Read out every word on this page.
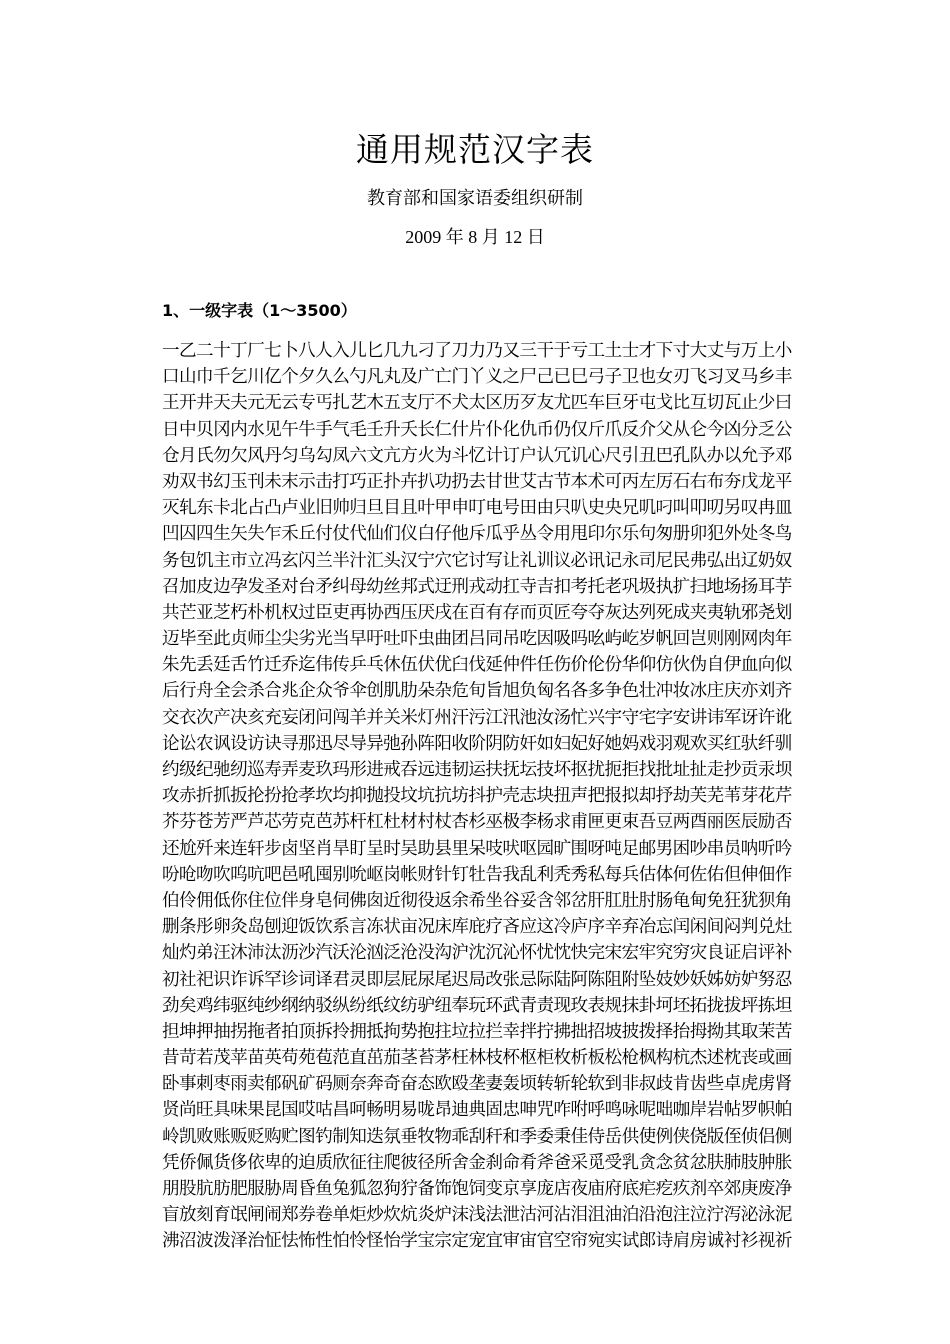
通用规范汉字表
教育部和国家语委组织研制
2009 年 8 月 12 日
1、一级字表（1～3500）
一乙二十丁厂七卜八人入儿匕几九刁了刀力乃又三干于亏工土士才下寸大丈与万上小
口山巾千乞川亿个夕久么勺凡丸及广亡门丫义之尸己已巳弓子卫也女刃飞习叉马乡丰
王开井天夫元无云专丐扎艺木五支厅不犬太区历歹友尤匹车巨牙屯戈比互切瓦止少曰
日中贝冈内水见午牛手气毛壬升夭长仁什片仆化仇币仍仅斤爪反介父从仑今凶分乏公
仓月氏勿欠风丹匀乌勾凤六文亢方火为斗忆计订户认冗讥心尺引丑巴孔队办以允予邓
劝双书幻玉刊未末示击打巧正扑卉扒功扔去甘世艾古节本术可丙左厉石右布夯戊龙平
灭轧东卡北占凸卢业旧帅归旦目且叶甲申叮电号田由只叭史央兄叽叼叫叩叨另叹冉皿
凹囚四生矢失乍禾丘付仗代仙们仪白仔他斥瓜乎丛令用甩印尔乐句匆册卯犯外处冬鸟
务包饥主市立冯玄闪兰半汁汇头汉宁穴它讨写让礼训议必讯记永司尼民弗弘出辽奶奴
召加皮边孕发圣对台矛纠母幼丝邦式迂刑戎动扛寺吉扣考托老巩圾执扩扫地场扬耳芋
共芒亚芝朽朴机权过臣吏再协西压厌戌在百有存而页匠夸夺灰达列死成夹夷轨邪尧划
迈毕至此贞师尘尖劣光当早吁吐吓虫曲团吕同吊吃因吸吗吆屿屹岁帆回岂则刚网肉年
朱先丢廷舌竹迁乔迄伟传乒乓休伍伏优臼伐延仲件任伤价伦份华仰仿伙伪自伊血向似
后行舟全会杀合兆企众爷伞创肌肋朵杂危旬旨旭负匈名各多争色壮冲妆冰庄庆亦刘齐
交衣次产决亥充妄闭问闯羊并关米灯州汗污江汛池汝汤忙兴宇守宅字安讲讳军讶许讹
论讼农讽设访诀寻那迅尽导异弛孙阵阳收阶阴防奸如妇妃好她妈戏羽观欢买红驮纤驯
约级纪驰纫巡寿弄麦玖玛形进戒吞远违韧运扶抚坛技坏抠扰扼拒找批址扯走抄贡汞坝
攻赤折抓扳抡扮抢孝坎均抑抛投坟坑抗坊抖护壳志块扭声把报拟却抒劫芙芜苇芽花芹
芥芬苍芳严芦芯劳克芭苏杆杠杜材村杖杏杉巫极李杨求甫匣更束吾豆两酉丽医辰励否
还尬歼来连轩步卤坚肖旱盯呈时吴助县里呆吱吠呕园旷围呀吨足邮男困吵串员呐听吟
吩呛吻吹呜吭吧邑吼囤别吮岖岗帐财针钉牡告我乱利秃秀私每兵估体何佐佑但伸佃作
伯伶佣低你住位伴身皂伺佛囱近彻役返余希坐谷妥含邻岔肝肛肚肘肠龟甸免狂犹狈角
删条彤卵灸岛刨迎饭饮系言冻状亩况床库庇疗吝应这冷庐序辛弃冶忘闰闲间闷判兑灶
灿灼弟汪沐沛汰沥沙汽沃沦汹泛沧没沟沪沈沉沁怀忧忱快完宋宏牢究穷灾良证启评补
初社祀识诈诉罕诊词译君灵即层屁尿尾迟局改张忌际陆阿陈阻附坠妓妙妖姊妨妒努忍
劲矣鸡纬驱纯纱纲纳驳纵纷纸纹纺驴纽奉玩环武青责现玫表规抹卦坷坯拓拢拔坪拣坦
担坤押抽拐拖者拍顶拆拎拥抵拘势抱拄垃拉拦幸拌拧拂拙招坡披拨择抬拇拗其取茉苦
昔苛若茂苹苗英苟苑苞范直茁茄茎苔茅枉林枝杯枢柜枚析板松枪枫构杭杰述枕丧或画
卧事刺枣雨卖郁矾矿码厕奈奔奇奋态欧殴垄妻轰顷转斩轮软到非叔歧肯齿些卓虎虏肾
贤尚旺具味果昆国哎咕昌呵畅明易咙昂迪典固忠呻咒咋咐呼鸣咏呢咄咖岸岩帖罗帜帕
岭凯败账贩贬购贮图钓制知迭氛垂牧物乖刮秆和季委秉佳侍岳供使例侠侥版侄侦侣侧
凭侨佩货侈依卑的迫质欣征往爬彼径所舍金刹命肴斧爸采觅受乳贪念贫忿肤肺肢肿胀
朋股肮肪肥服胁周昏鱼兔狐忽狗狞备饰饱饲变京享庞店夜庙府底疟疙疚剂卒郊庚废净
盲放刻育氓闸闹郑券卷单炬炒炊炕炎炉沫浅法泄沽河沾泪沮油泊沿泡注泣泞泻泌泳泥
沸沼波泼泽治怔怯怖性怕怜怪怡学宝宗定宠宜审宙官空帘宛实试郎诗肩房诚衬衫视祈
